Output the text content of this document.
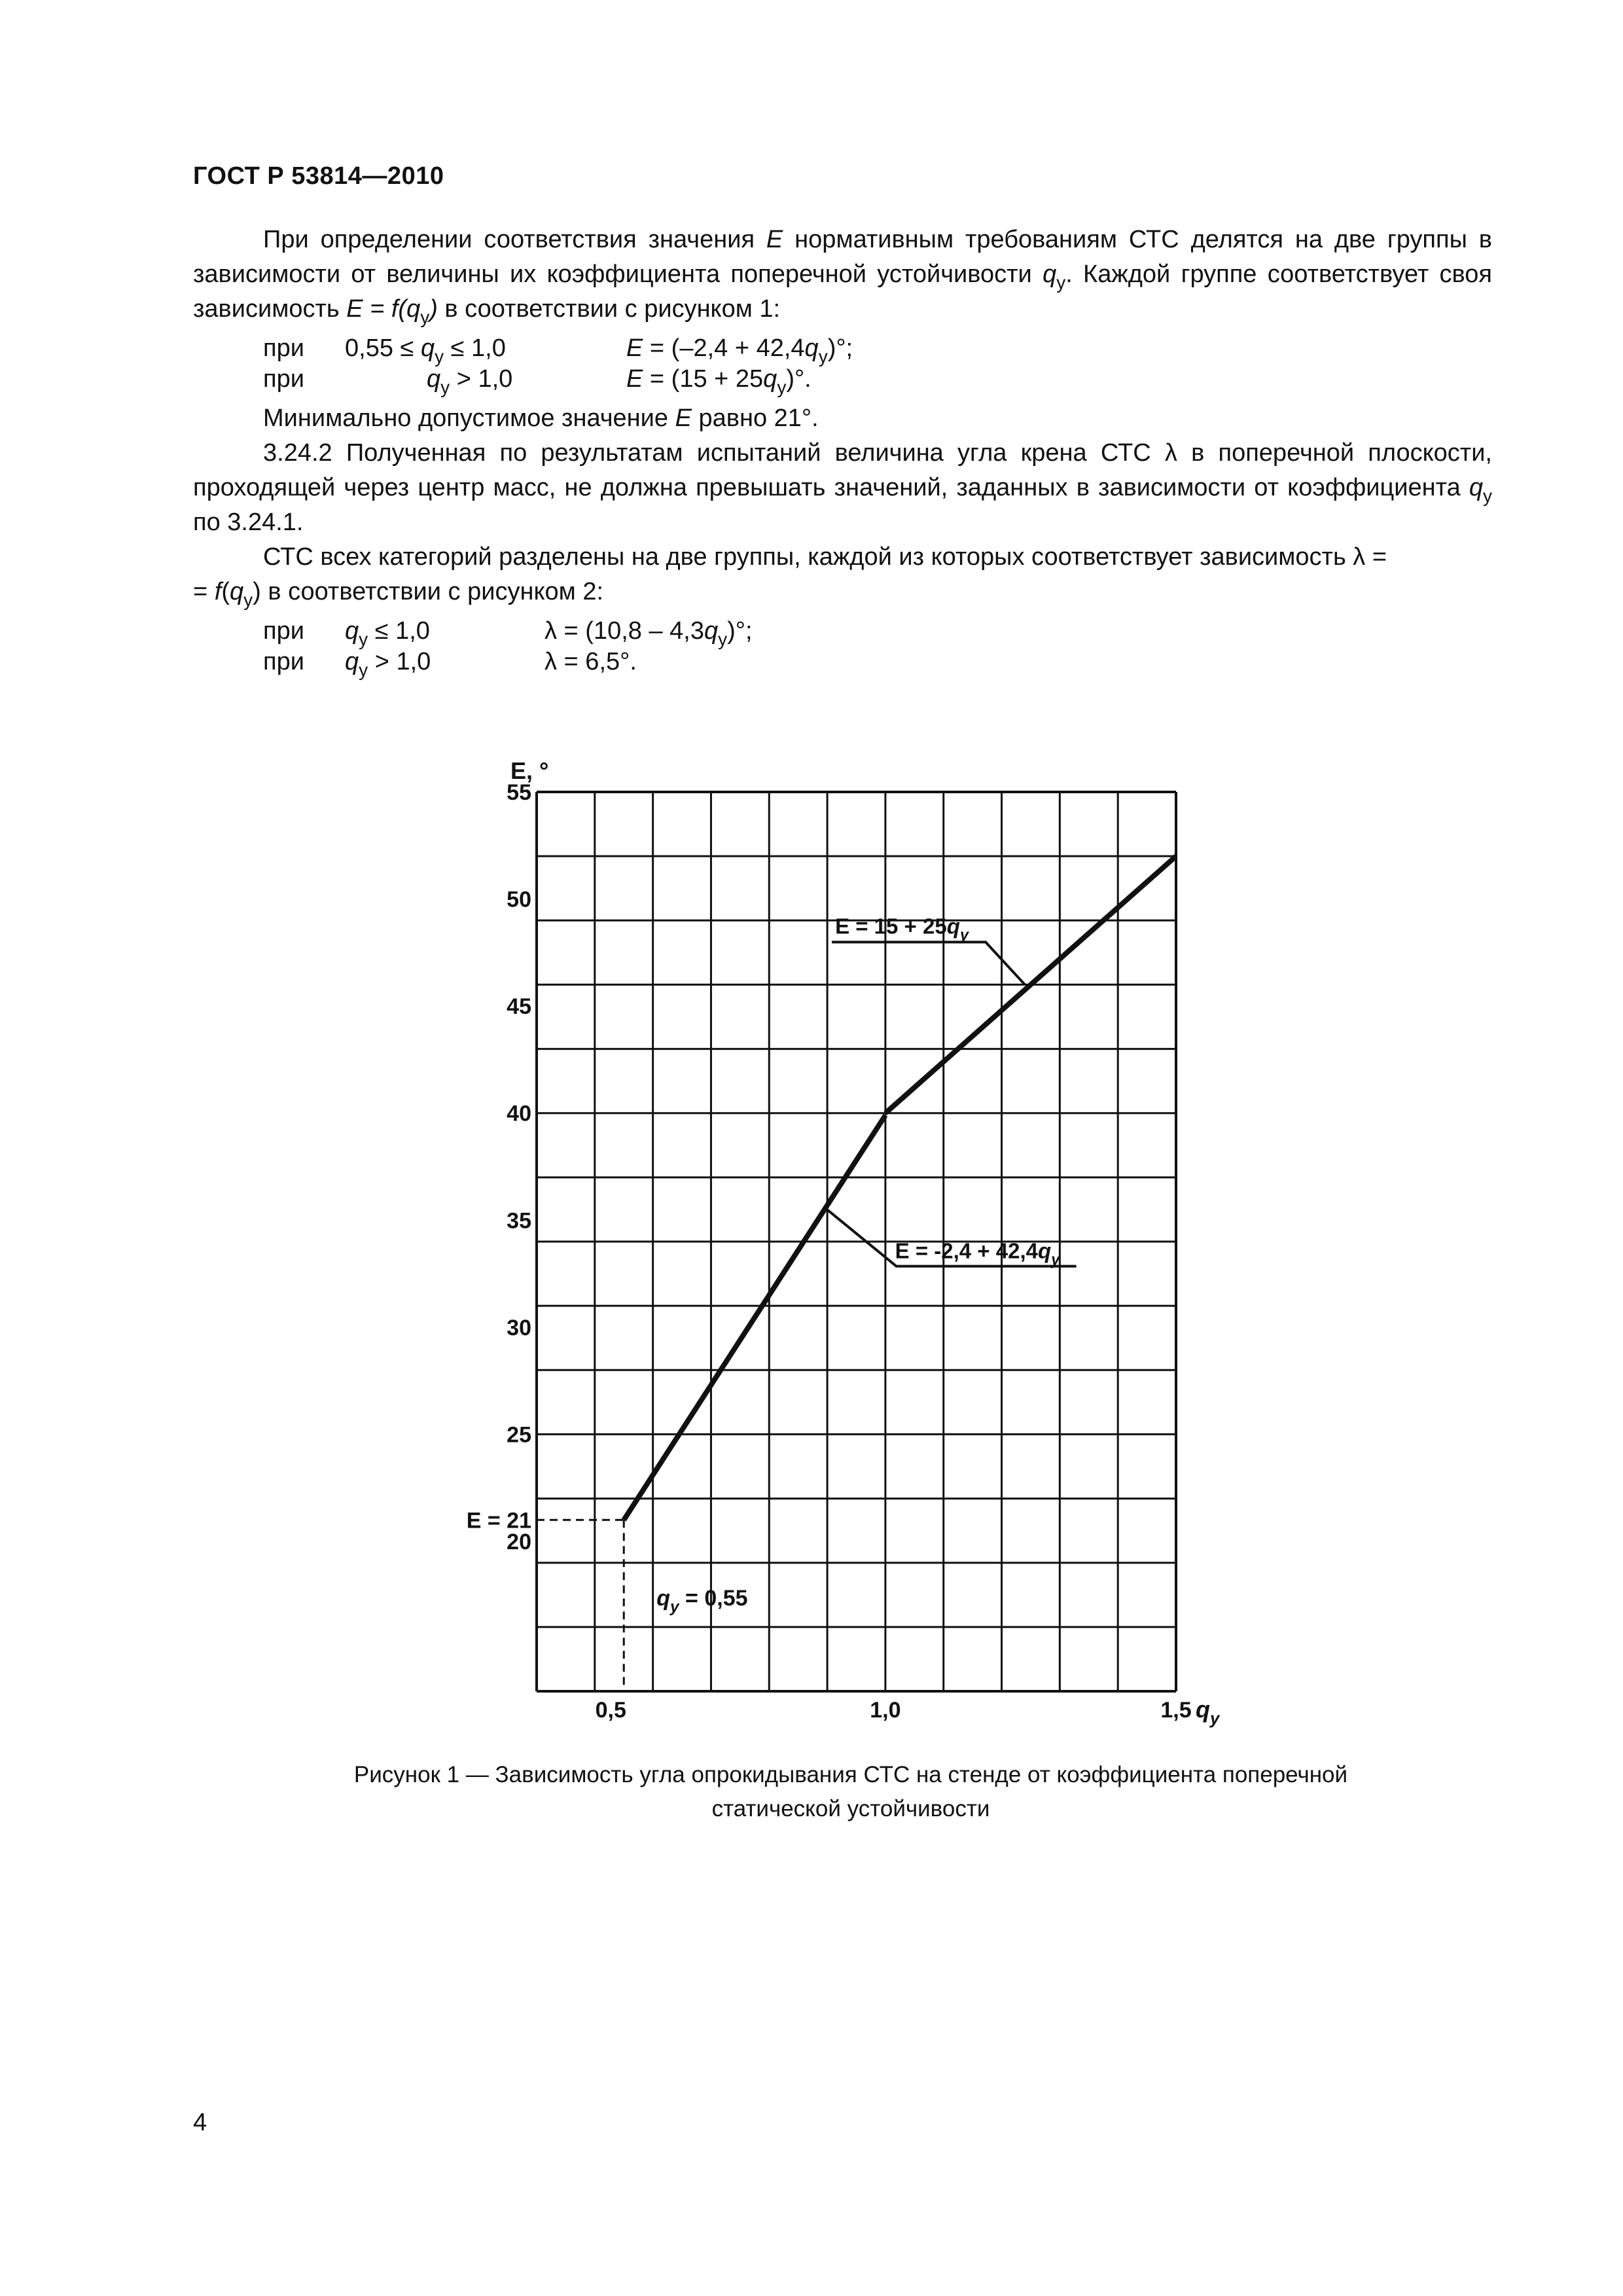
ГОСТ Р 53814—2010

При определении соответствия значения E нормативным требованиям СТС делятся на две группы в зависимости от величины их коэффициента поперечной устойчивости $q_y$. Каждой группе соответствует своя зависимость $E = f(q_y)$ в соответствии с рисунком 1:

при	$0,55 \le q_y \le 1,0$	$E = (-2,4 + 42,4q_y)^\circ$;
при	$q_y > 1,0$	$E = (15 + 25q_y)^\circ$.

Минимально допустимое значение E равно 21°.

3.24.2 Полученная по результатам испытаний величина угла крена СТС λ в поперечной плоскости, проходящей через центр масс, не должна превышать значений, заданных в зависимости от коэффициента $q_y$ по 3.24.1.

СТС всех категорий разделены на две группы, каждой из которых соответствует зависимость λ =
= $f(q_y)$ в соответствии с рисунком 2:

при	$q_y \le 1,0$	$\lambda = (10,8 - 4,3q_y)^\circ$;
при	$q_y > 1,0$	λ = 6,5°.
55
50
45
40
35
30
25
20
0,5	1,0	1,5
E, °
$q_y$
$E = 15 + 25q_y$
$E = -2,4 + 42,4q_y$
E = 21
$q_y = 0,55$
Рисунок 1 — Зависимость угла опрокидывания СТС на стенде от коэффициента поперечной статической устойчивости
4
